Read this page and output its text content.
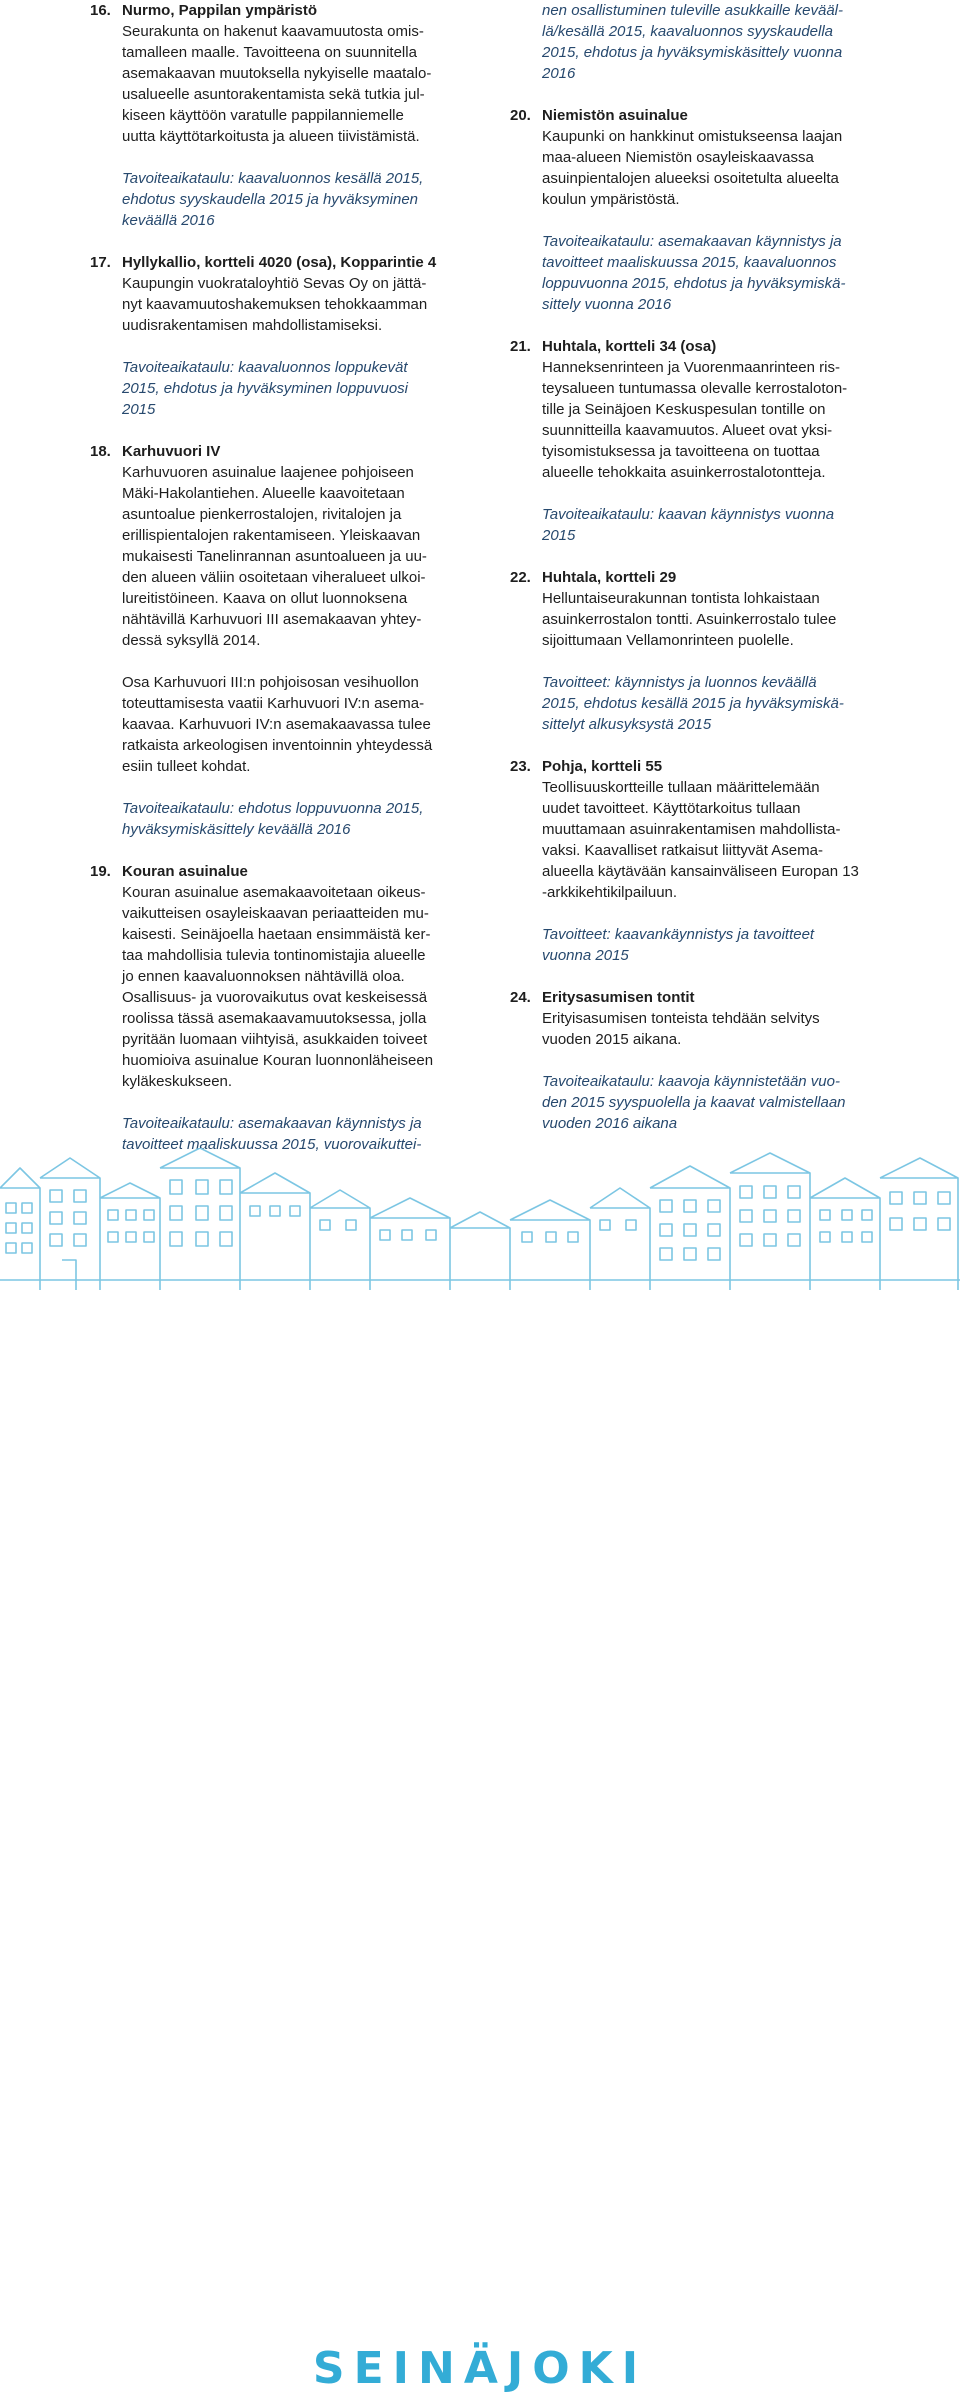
16. Nurmo, Pappilan ympäristö

Seurakunta on hakenut kaavamuutosta omis-
tamalleen maalle. Tavoitteena on suunnitella
asemakaavan muutoksella nykyiselle maatalo-
usalueelle asuntorakentamista sekä tutkia jul-
kiseen käyttöön varatulle pappilanniemelle
uutta käyttötarkoitusta ja alueen tiivistämistä.

Tavoiteaikataulu: kaavaluonnos kesällä 2015,
ehdotus syyskaudella 2015 ja hyväksyminen
keväällä 2016

17. Hyllykallio, kortteli 4020 (osa), Kopparintie 4

Kaupungin vuokrataloyhtiö Sevas Oy on jättä-
nyt kaavamuutoshakemuksen tehokkaamman
uudisrakentamisen mahdollistamiseksi.

Tavoiteaikataulu: kaavaluonnos loppukevät
2015, ehdotus ja hyväksyminen loppuvuosi
2015

18. Karhuvuori IV

Karhuvuoren asuinalue laajenee pohjoiseen
Mäki-Hakolantiehen. Alueelle kaavoitetaan
asuntoalue pienkerrostalojen, rivitalojen ja
erillispientalojen rakentamiseen. Yleiskaavan
mukaisesti Tanelinrannan asuntoalueen ja uu-
den alueen väliin osoitetaan viheralueet ulkoi-
lureitistöineen. Kaava on ollut luonnoksena
nähtävillä Karhuvuori III asemakaavan yhtey-
dessä syksyllä 2014.

Osa Karhuvuori III:n pohjoisosan vesihuollon
toteuttamisesta vaatii Karhuvuori IV:n asema-
kaavaa. Karhuvuori IV:n asemakaavassa tulee
ratkaista arkeologisen inventoinnin yhteydessä
esiin tulleet kohdat.

Tavoiteaikataulu: ehdotus loppuvuonna 2015,
hyväksymiskäsittely keväällä 2016

19. Kouran asuinalue

Kouran asuinalue asemakaavoitetaan oikeus-
vaikutteisen osayleiskaavan periaatteiden mu-
kaisesti. Seinäjoella haetaan ensimmäistä ker-
taa mahdollisia tulevia tontinomistajia alueelle
jo ennen kaavaluonnoksen nähtävillä oloa.
Osallisuus- ja vuorovaikutus ovat keskeisessä
roolissa tässä asemakaavamuutoksessa, jolla
pyritään luomaan viihtyisä, asukkaiden toiveet
huomioiva asuinalue Kouran luonnonläheiseen
kyläkeskukseen.

Tavoiteaikataulu: asemakaavan käynnistys ja
tavoitteet maaliskuussa 2015, vuorovaikuttei-

nen osallistuminen tuleville asukkaille kevääl-
lä/kesällä 2015, kaavaluonnos syyskaudella
2015, ehdotus ja hyväksymiskäsittely vuonna
2016

20. Niemistön asuinalue

Kaupunki on hankkinut omistukseensa laajan
maa-alueen Niemistön osayleiskaavassa
asuinpientalojen alueeksi osoitetulta alueelta
koulun ympäristöstä.

Tavoiteaikataulu: asemakaavan käynnistys ja
tavoitteet maaliskuussa 2015, kaavaluonnos
loppuvuonna 2015, ehdotus ja hyväksymiskä-
sittely vuonna 2016

21. Huhtala, kortteli 34 (osa)

Hanneksenrinteen ja Vuorenmaanrinteen ris-
teysalueen tuntumassa olevalle kerrostaloton-
tille ja Seinäjoen Keskuspesulan tontille on
suunnitteilla kaavamuutos. Alueet ovat yksi-
tyisomistuksessa ja tavoitteena on tuottaa
alueelle tehokkaita asuinkerrostalotontteja.

Tavoiteaikataulu: kaavan käynnistys vuonna
2015

22. Huhtala, kortteli 29

Helluntaiseurakunnan tontista lohkaistaan
asuinkerrostalon tontti. Asuinkerrostalo tulee
sijoittumaan Vellamonrinteen puolelle.

Tavoitteet: käynnistys ja luonnos keväällä
2015, ehdotus kesällä 2015 ja hyväksymiskä-
sittelyt alkusyksystä 2015

23. Pohja, kortteli 55

Teollisuuskortteille tullaan määrittelemään
uudet tavoitteet. Käyttötarkoitus tullaan
muuttamaan asuinrakentamisen mahdollista-
vaksi. Kaavalliset ratkaisut liittyvät Asema-
alueella käytävään kansainväliseen Europan 13
-arkkikehtikilpailuun.

Tavoitteet: kaavankäynnistys ja tavoitteet
vuonna 2015

24. Eritysasumisen tontit

Erityisasumisen tonteista tehdään selvitys
vuoden 2015 aikana.

Tavoiteaikataulu: kaavoja käynnistetään vuo-
den 2015 syyspuolella ja kaavat valmistellaan
vuoden 2016 aikana

SEINÄJOKI
